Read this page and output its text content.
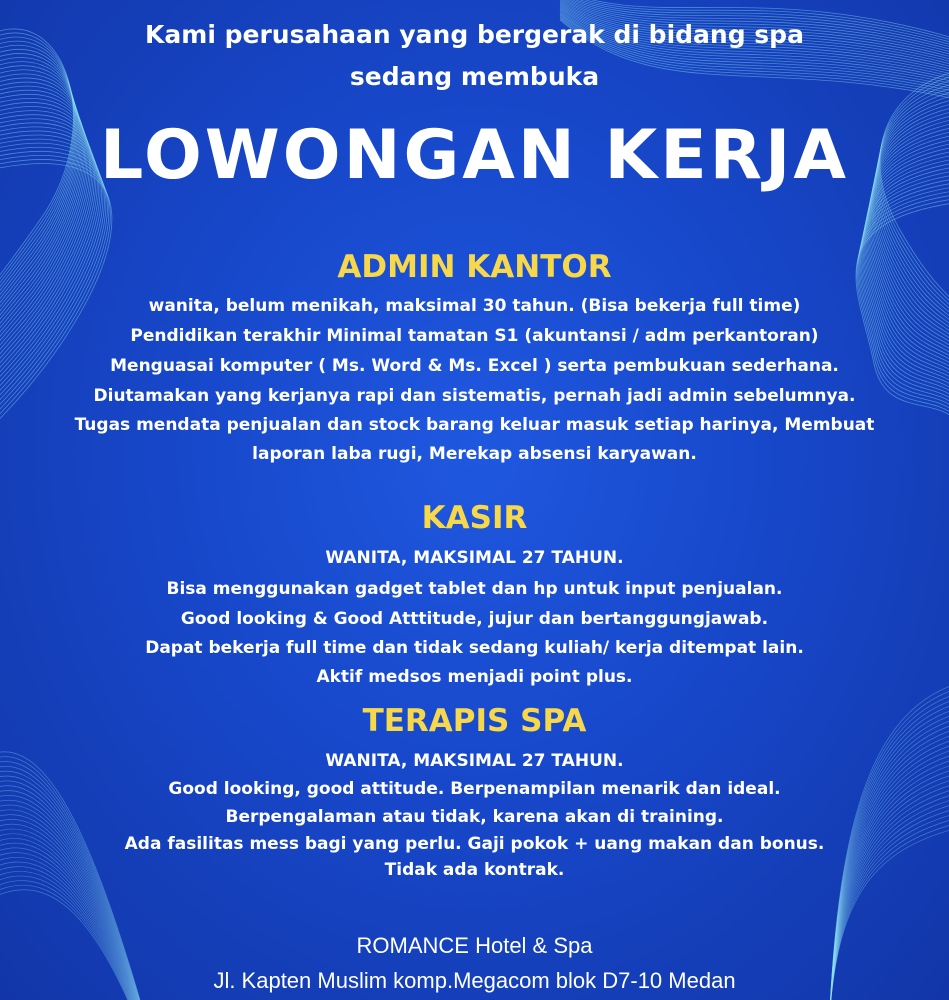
Kami perusahaan yang bergerak di bidang spa
sedang membuka
LOWONGAN KERJA
ADMIN KANTOR
wanita, belum menikah, maksimal 30 tahun. (Bisa bekerja full time)
Pendidikan terakhir Minimal tamatan S1 (akuntansi / adm perkantoran)
Menguasai komputer ( Ms. Word & Ms. Excel ) serta pembukuan sederhana.
Diutamakan yang kerjanya rapi dan sistematis, pernah jadi admin sebelumnya.
Tugas mendata penjualan dan stock barang keluar masuk setiap harinya, Membuat
laporan laba rugi, Merekap absensi karyawan.
KASIR
WANITA, MAKSIMAL 27 TAHUN.
Bisa menggunakan gadget tablet dan hp untuk input penjualan.
Good looking & Good Atttitude, jujur dan bertanggungjawab.
Dapat bekerja full time dan tidak sedang kuliah/ kerja ditempat lain.
Aktif medsos menjadi point plus.
TERAPIS SPA
WANITA, MAKSIMAL 27 TAHUN.
Good looking, good attitude. Berpenampilan menarik dan ideal.
Berpengalaman atau tidak, karena akan di training.
Ada fasilitas mess bagi yang perlu. Gaji pokok + uang makan dan bonus.
Tidak ada kontrak.
ROMANCE Hotel & Spa
Jl. Kapten Muslim komp.Megacom blok D7-10 Medan
